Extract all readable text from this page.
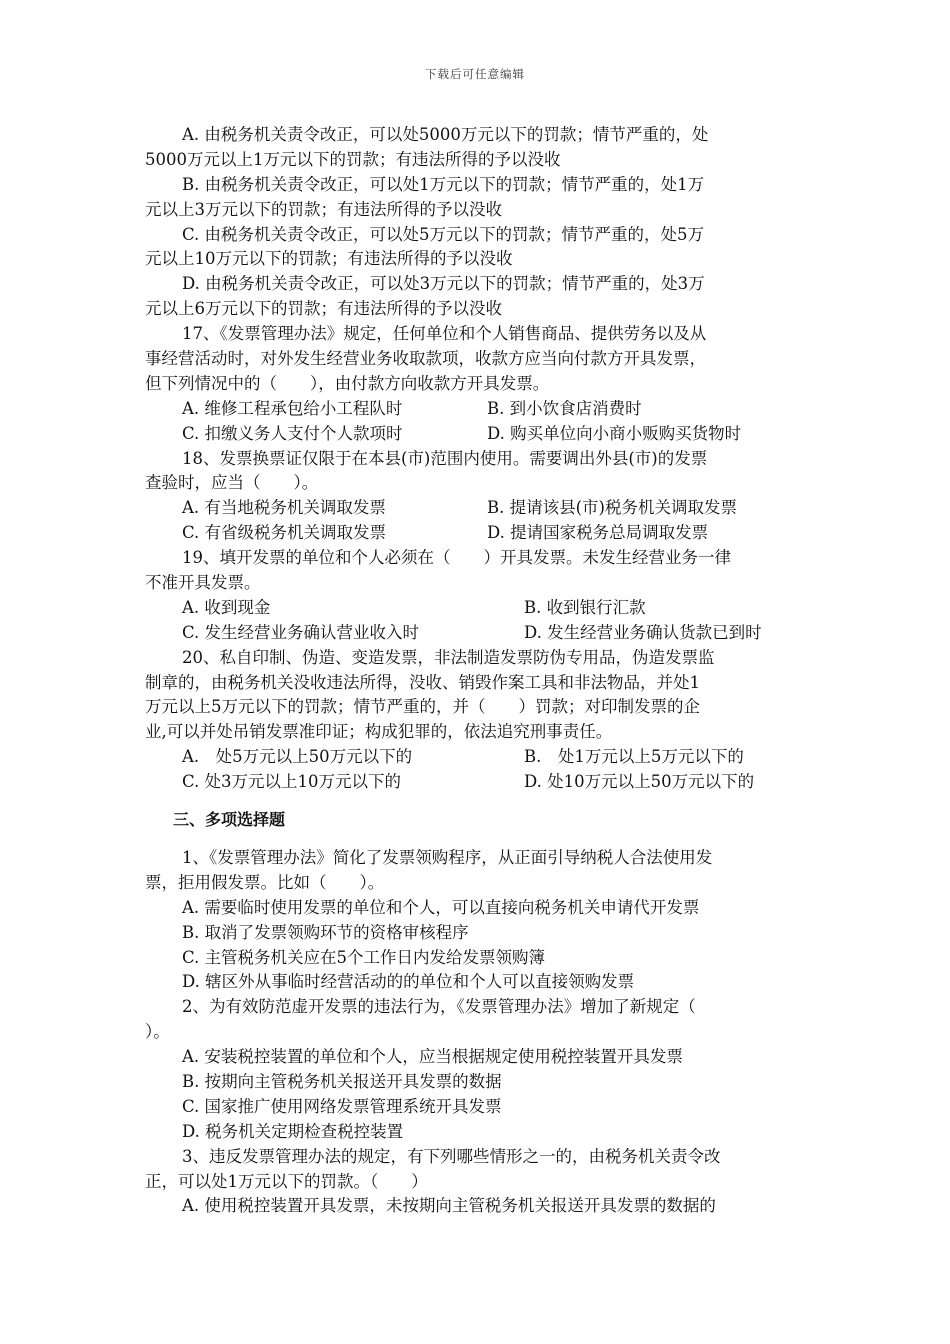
下载后可任意编辑
A. 由税务机关责令改正，可以处5000万元以下的罚款；情节严重的，处
5000万元以上1万元以下的罚款；有违法所得的予以没收
B. 由税务机关责令改正，可以处1万元以下的罚款；情节严重的，处1万
元以上3万元以下的罚款；有违法所得的予以没收
C. 由税务机关责令改正，可以处5万元以下的罚款；情节严重的，处5万
元以上10万元以下的罚款；有违法所得的予以没收
D. 由税务机关责令改正，可以处3万元以下的罚款；情节严重的，处3万
元以上6万元以下的罚款；有违法所得的予以没收
17、《发票管理办法》规定，任何单位和个人销售商品、提供劳务以及从
事经营活动时，对外发生经营业务收取款项，收款方应当向付款方开具发票，
但下列情况中的（　　），由付款方向收款方开具发票。
A. 维修工程承包给小工程队时	B. 到小饮食店消费时
C. 扣缴义务人支付个人款项时	D. 购买单位向小商小贩购买货物时
18、发票换票证仅限于在本县(市)范围内使用。需要调出外县(市)的发票
查验时，应当（　　）。
A. 有当地税务机关调取发票	B. 提请该县(市)税务机关调取发票
C. 有省级税务机关调取发票	D. 提请国家税务总局调取发票
19、填开发票的单位和个人必须在（　　）开具发票。未发生经营业务一律
不准开具发票。
A. 收到现金	B. 收到银行汇款
C. 发生经营业务确认营业收入时	D. 发生经营业务确认货款已到时
20、私自印制、伪造、变造发票，非法制造发票防伪专用品，伪造发票监
制章的，由税务机关没收违法所得，没收、销毁作案工具和非法物品，并处1
万元以上5万元以下的罚款；情节严重的，并（　　）罚款；对印制发票的企
业,可以并处吊销发票准印证；构成犯罪的，依法追究刑事责任。
A.　处5万元以上50万元以下的	B.　处1万元以上5万元以下的
C. 处3万元以上10万元以下的	D. 处10万元以上50万元以下的
三、多项选择题
1、《发票管理办法》简化了发票领购程序，从正面引导纳税人合法使用发
票，拒用假发票。比如（　　）。
A. 需要临时使用发票的单位和个人，可以直接向税务机关申请代开发票
B. 取消了发票领购环节的资格审核程序
C. 主管税务机关应在5个工作日内发给发票领购簿
D. 辖区外从事临时经营活动的的单位和个人可以直接领购发票
2、为有效防范虚开发票的违法行为，《发票管理办法》增加了新规定（
）。
A. 安装税控装置的单位和个人，应当根据规定使用税控装置开具发票
B. 按期向主管税务机关报送开具发票的数据
C. 国家推广使用网络发票管理系统开具发票
D. 税务机关定期检查税控装置
3、违反发票管理办法的规定，有下列哪些情形之一的，由税务机关责令改
正，可以处1万元以下的罚款。（　　）
A. 使用税控装置开具发票，未按期向主管税务机关报送开具发票的数据的
